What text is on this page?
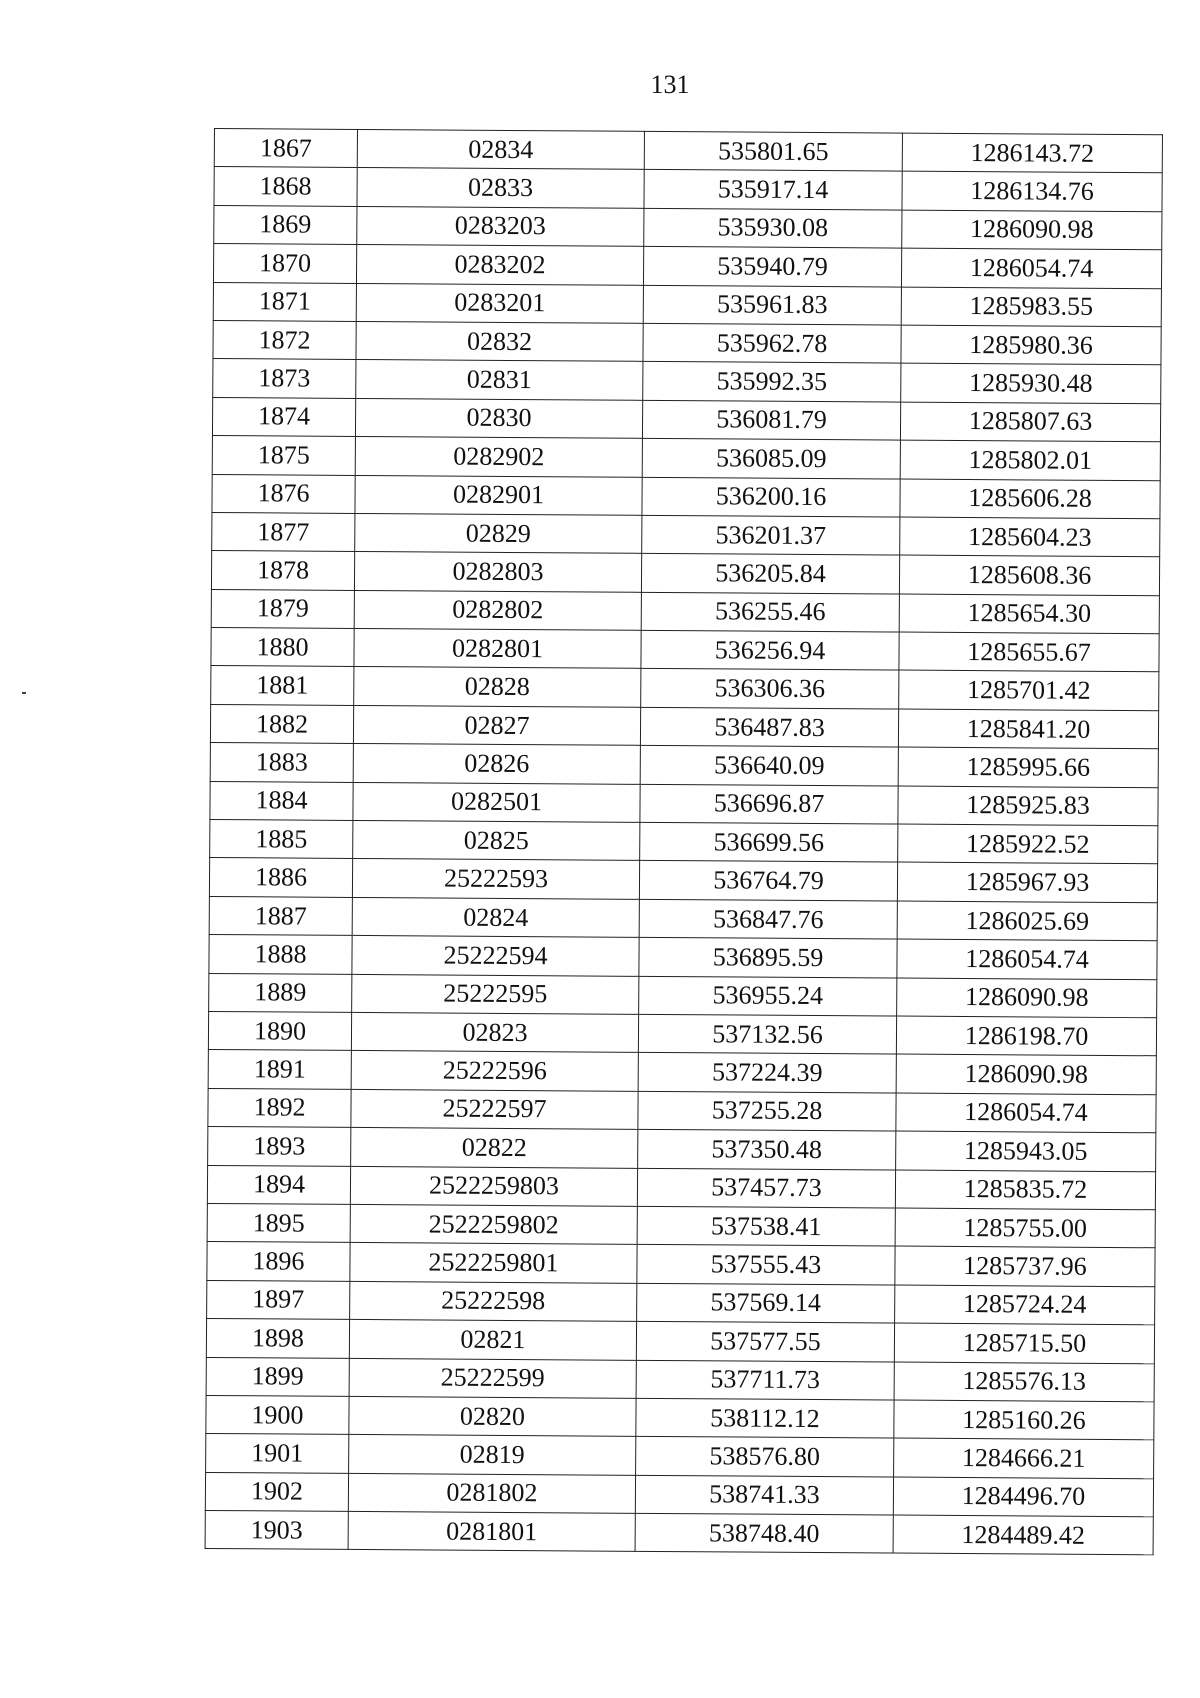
131
1867	02834	535801.65	1286143.72
1868	02833	535917.14	1286134.76
1869	0283203	535930.08	1286090.98
1870	0283202	535940.79	1286054.74
1871	0283201	535961.83	1285983.55
1872	02832	535962.78	1285980.36
1873	02831	535992.35	1285930.48
1874	02830	536081.79	1285807.63
1875	0282902	536085.09	1285802.01
1876	0282901	536200.16	1285606.28
1877	02829	536201.37	1285604.23
1878	0282803	536205.84	1285608.36
1879	0282802	536255.46	1285654.30
1880	0282801	536256.94	1285655.67
1881	02828	536306.36	1285701.42
1882	02827	536487.83	1285841.20
1883	02826	536640.09	1285995.66
1884	0282501	536696.87	1285925.83
1885	02825	536699.56	1285922.52
1886	25222593	536764.79	1285967.93
1887	02824	536847.76	1286025.69
1888	25222594	536895.59	1286054.74
1889	25222595	536955.24	1286090.98
1890	02823	537132.56	1286198.70
1891	25222596	537224.39	1286090.98
1892	25222597	537255.28	1286054.74
1893	02822	537350.48	1285943.05
1894	2522259803	537457.73	1285835.72
1895	2522259802	537538.41	1285755.00
1896	2522259801	537555.43	1285737.96
1897	25222598	537569.14	1285724.24
1898	02821	537577.55	1285715.50
1899	25222599	537711.73	1285576.13
1900	02820	538112.12	1285160.26
1901	02819	538576.80	1284666.21
1902	0281802	538741.33	1284496.70
1903	0281801	538748.40	1284489.42
